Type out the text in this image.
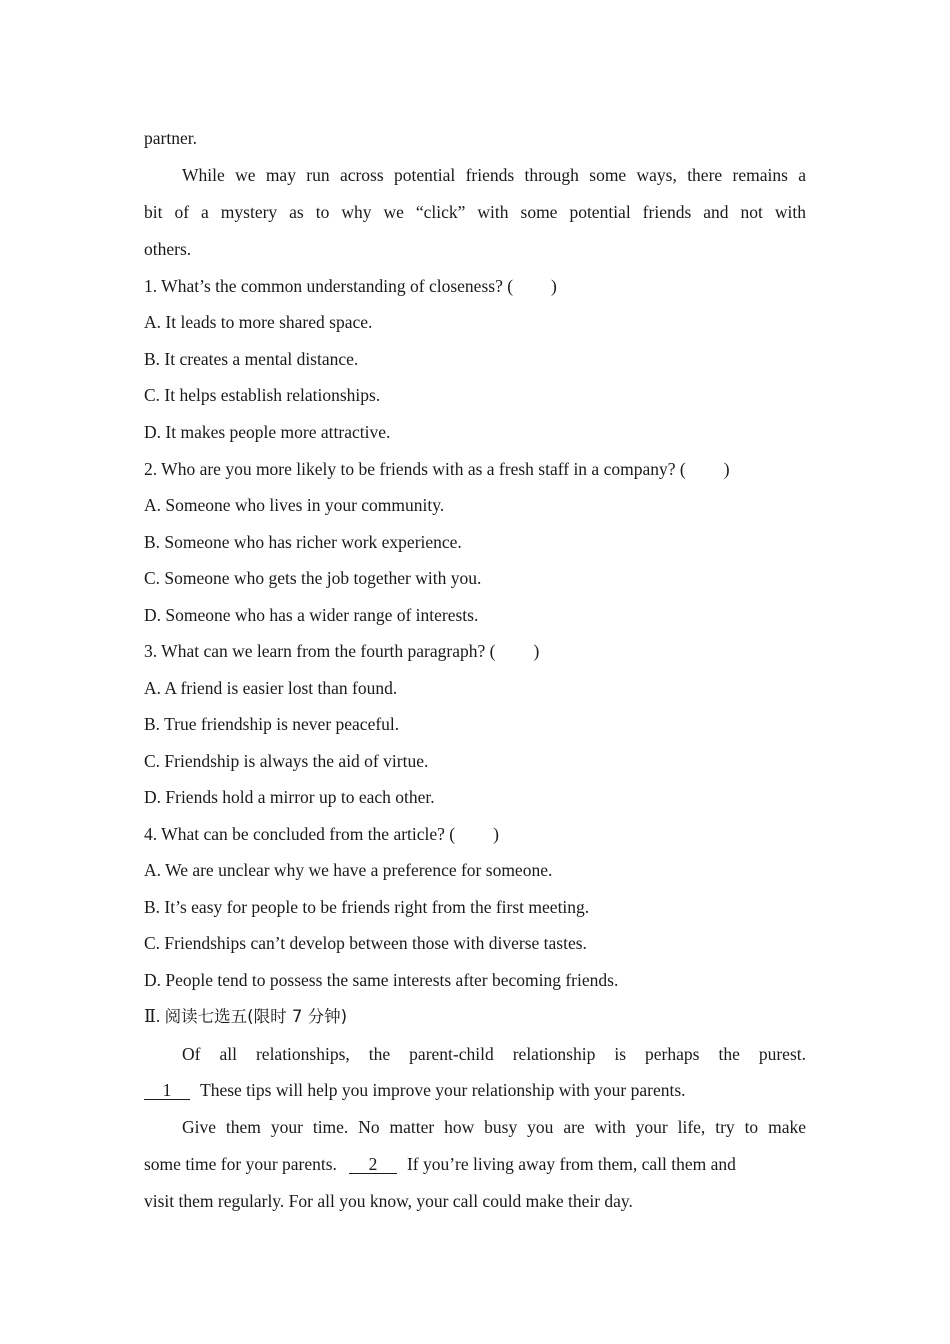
partner.
While we may run across potential friends through some ways, there remains a
bit of a mystery as to why we “click” with some potential friends and not with
others.
1. What’s the common understanding of closeness? ( )
A. It leads to more shared space.
B. It creates a mental distance.
C. It helps establish relationships.
D. It makes people more attractive.
2. Who are you more likely to be friends with as a fresh staff in a company? ( )
A. Someone who lives in your community.
B. Someone who has richer work experience.
C. Someone who gets the job together with you.
D. Someone who has a wider range of interests.
3. What can we learn from the fourth paragraph? ( )
A. A friend is easier lost than found.
B. True friendship is never peaceful.
C. Friendship is always the aid of virtue.
D. Friends hold a mirror up to each other.
4. What can be concluded from the article? ( )
A. We are unclear why we have a preference for someone.
B. It’s easy for people to be friends right from the first meeting.
C. Friendships can’t develop between those with diverse tastes.
D. People tend to possess the same interests after becoming friends.
Ⅱ. 阅读七选五(限时 7 分钟)
Of all relationships, the parent-child relationship is perhaps the purest.
1 These tips will help you improve your relationship with your parents.
Give them your time. No matter how busy you are with your life, try to make
some time for your parents. 2 If you’re living away from them, call them and
visit them regularly. For all you know, your call could make their day.
